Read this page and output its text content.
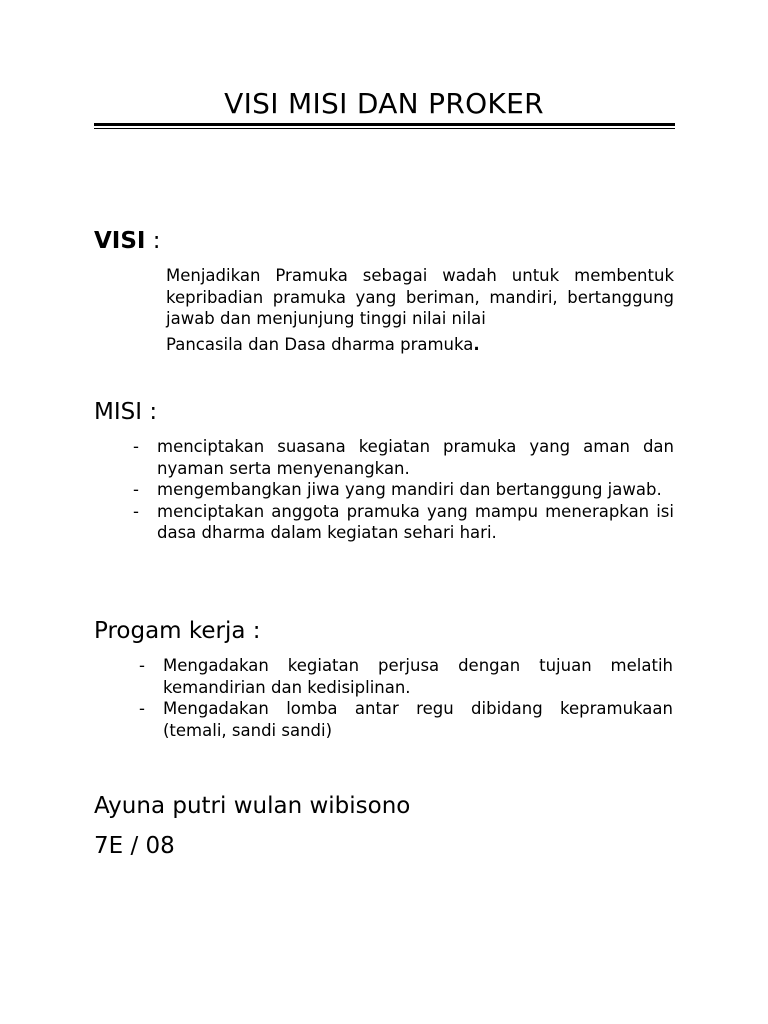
VISI MISI DAN PROKER
VISI :
Menjadikan Pramuka sebagai wadah untuk membentuk kepribadian pramuka yang beriman, mandiri, bertanggung jawab dan menjunjung tinggi nilai nilai
Pancasila dan Dasa dharma pramuka.
MISI :
- menciptakan suasana kegiatan pramuka yang aman dan nyaman serta menyenangkan.
- mengembangkan jiwa yang mandiri dan bertanggung jawab.
- menciptakan anggota pramuka yang mampu menerapkan isi dasa dharma dalam kegiatan sehari hari.
Progam kerja :
- Mengadakan kegiatan perjusa dengan tujuan melatih kemandirian dan kedisiplinan.
- Mengadakan lomba antar regu dibidang kepramukaan (temali, sandi sandi)
Ayuna putri wulan wibisono
7E / 08
